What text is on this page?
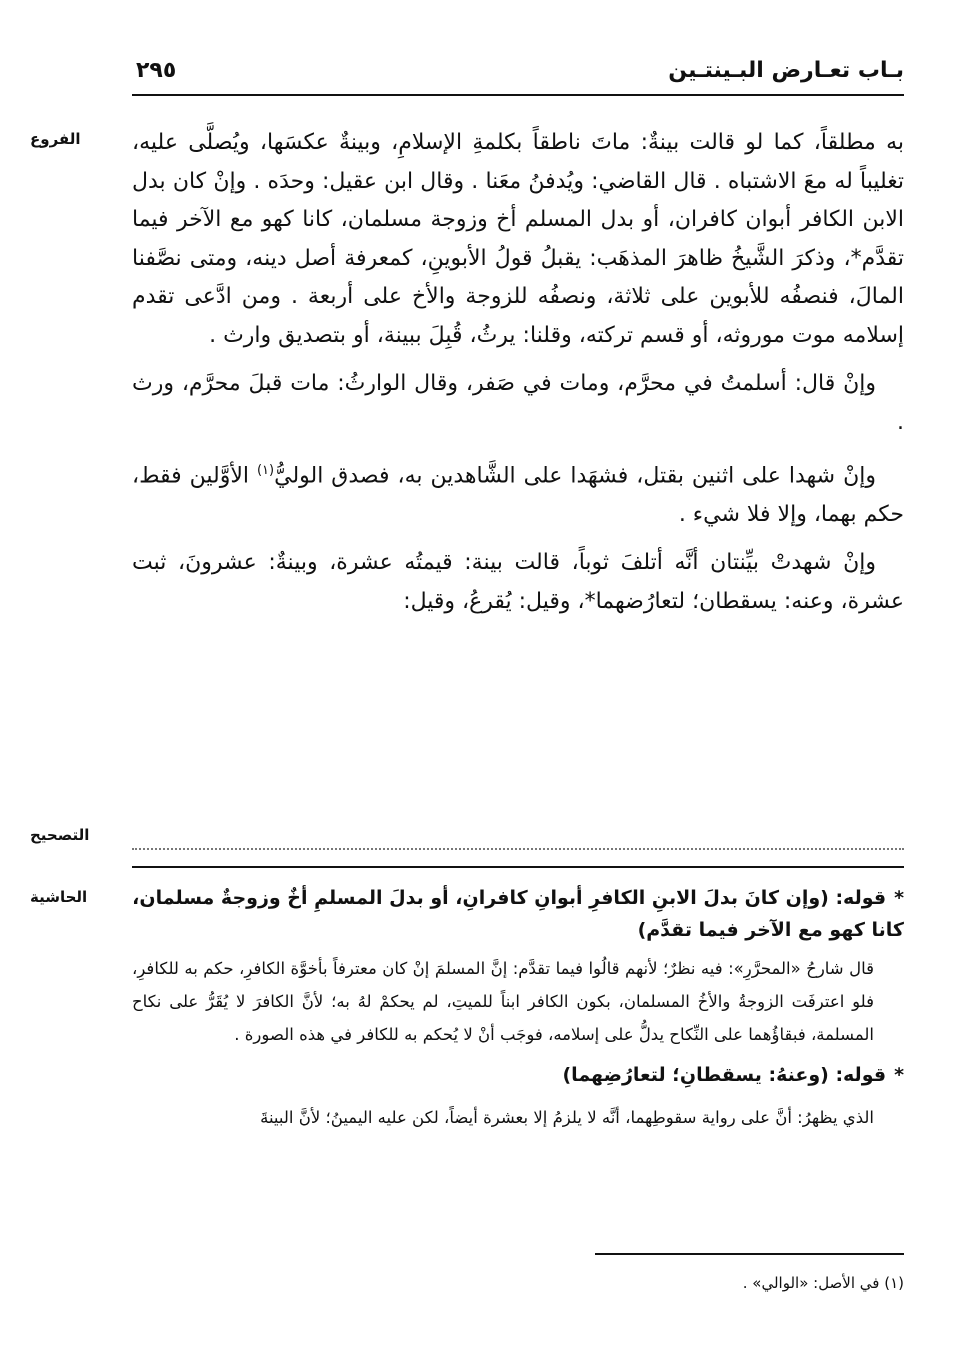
بـاب تعـارض البـينتـين
٢٩٥
الفروع
التصحيح
الحاشية

به مطلقاً، كما لو قالت بينةٌ: ماتَ ناطقاً بكلمةِ الإسلامِ، وبينةٌ عكسَها، ويُصلَّى عليه، تغليباً له معَ الاشتباه . قال القاضي: ويُدفنُ معَنا . وقال ابن عقيل: وحدَه . وإنْ كان بدل الابن الكافر أبوان كافران، أو بدل المسلم أخ وزوجة مسلمان، كانا كهو مع الآخر فيما تقدَّم*، وذكرَ الشَّيخُ ظاهرَ المذهَب: يقبلُ قولُ الأبوينِ، كمعرفة أصل دينه، ومتى نصَّفنا المالَ، فنصفُه للأبوين على ثلاثة، ونصفُه للزوجة والأخ على أربعة . ومن ادَّعى تقدم إسلامه موت موروثه، أو قسم تركته، وقلنا: يرثُ، قُبِلَ ببينة، أو بتصديق وارث .

وإنْ قال: أسلمتُ في محرَّم، ومات في صَفر، وقال الوارثُ: مات قبلَ محرَّم، ورث .

وإنْ شهدا على اثنين بقتل، فشهَدا على الشَّاهدين به، فصدق الوليُّ$^{(١)}$ الأوَّلين فقط، حكم بهما، وإلا فلا شيء .

وإنْ شهدتْ بيِّنتان أنَّه أتلفَ ثوباً، قالت بينة: قيمتُه عشرة، وبينةٌ: عشرونَ، ثبت عشرة، وعنه: يسقطان؛ لتعارُضهما*، وقيل: يُقرعُ، وقيل:

*قوله: (وإن كانَ بدلَ الابنِ الكافرِ أبوانِ كافرانِ، أو بدلَ المسلمِ أخٌ وزوجةٌ مسلمان، كانا كهو مع الآخر فيما تقدَّم)

قال شارحُ «المحرَّرِ»: فيه نظرٌ؛ لأنهم قالُوا فيما تقدَّم: إنَّ المسلمَ إنْ كان معترفاً بأخوَّة الكافرِ، حكم به للكافرِ، فلو اعترفَت الزوجةُ والأخُ المسلمان، بكون الكافر ابناً للميتِ، لم يحكمْ لهُ به؛ لأنَّ الكافرَ لا يُقَرُّ على نكاح المسلمة، فبقاؤُهما على النِّكاح يدلُّ على إسلامه، فوجَب أنْ لا يُحكم به للكافر في هذه الصورة .

*قوله: (وعنهُ: يسقطانِ؛ لتعارُضِهما)

الذي يظهرُ: أنَّ على رواية سقوطِهما، أنَّه لا يلزمُ إلا بعشرة أيضاً، لكن عليه اليمينُ؛ لأنَّ البينةَ

(١) في الأصل: «الوالي» .
